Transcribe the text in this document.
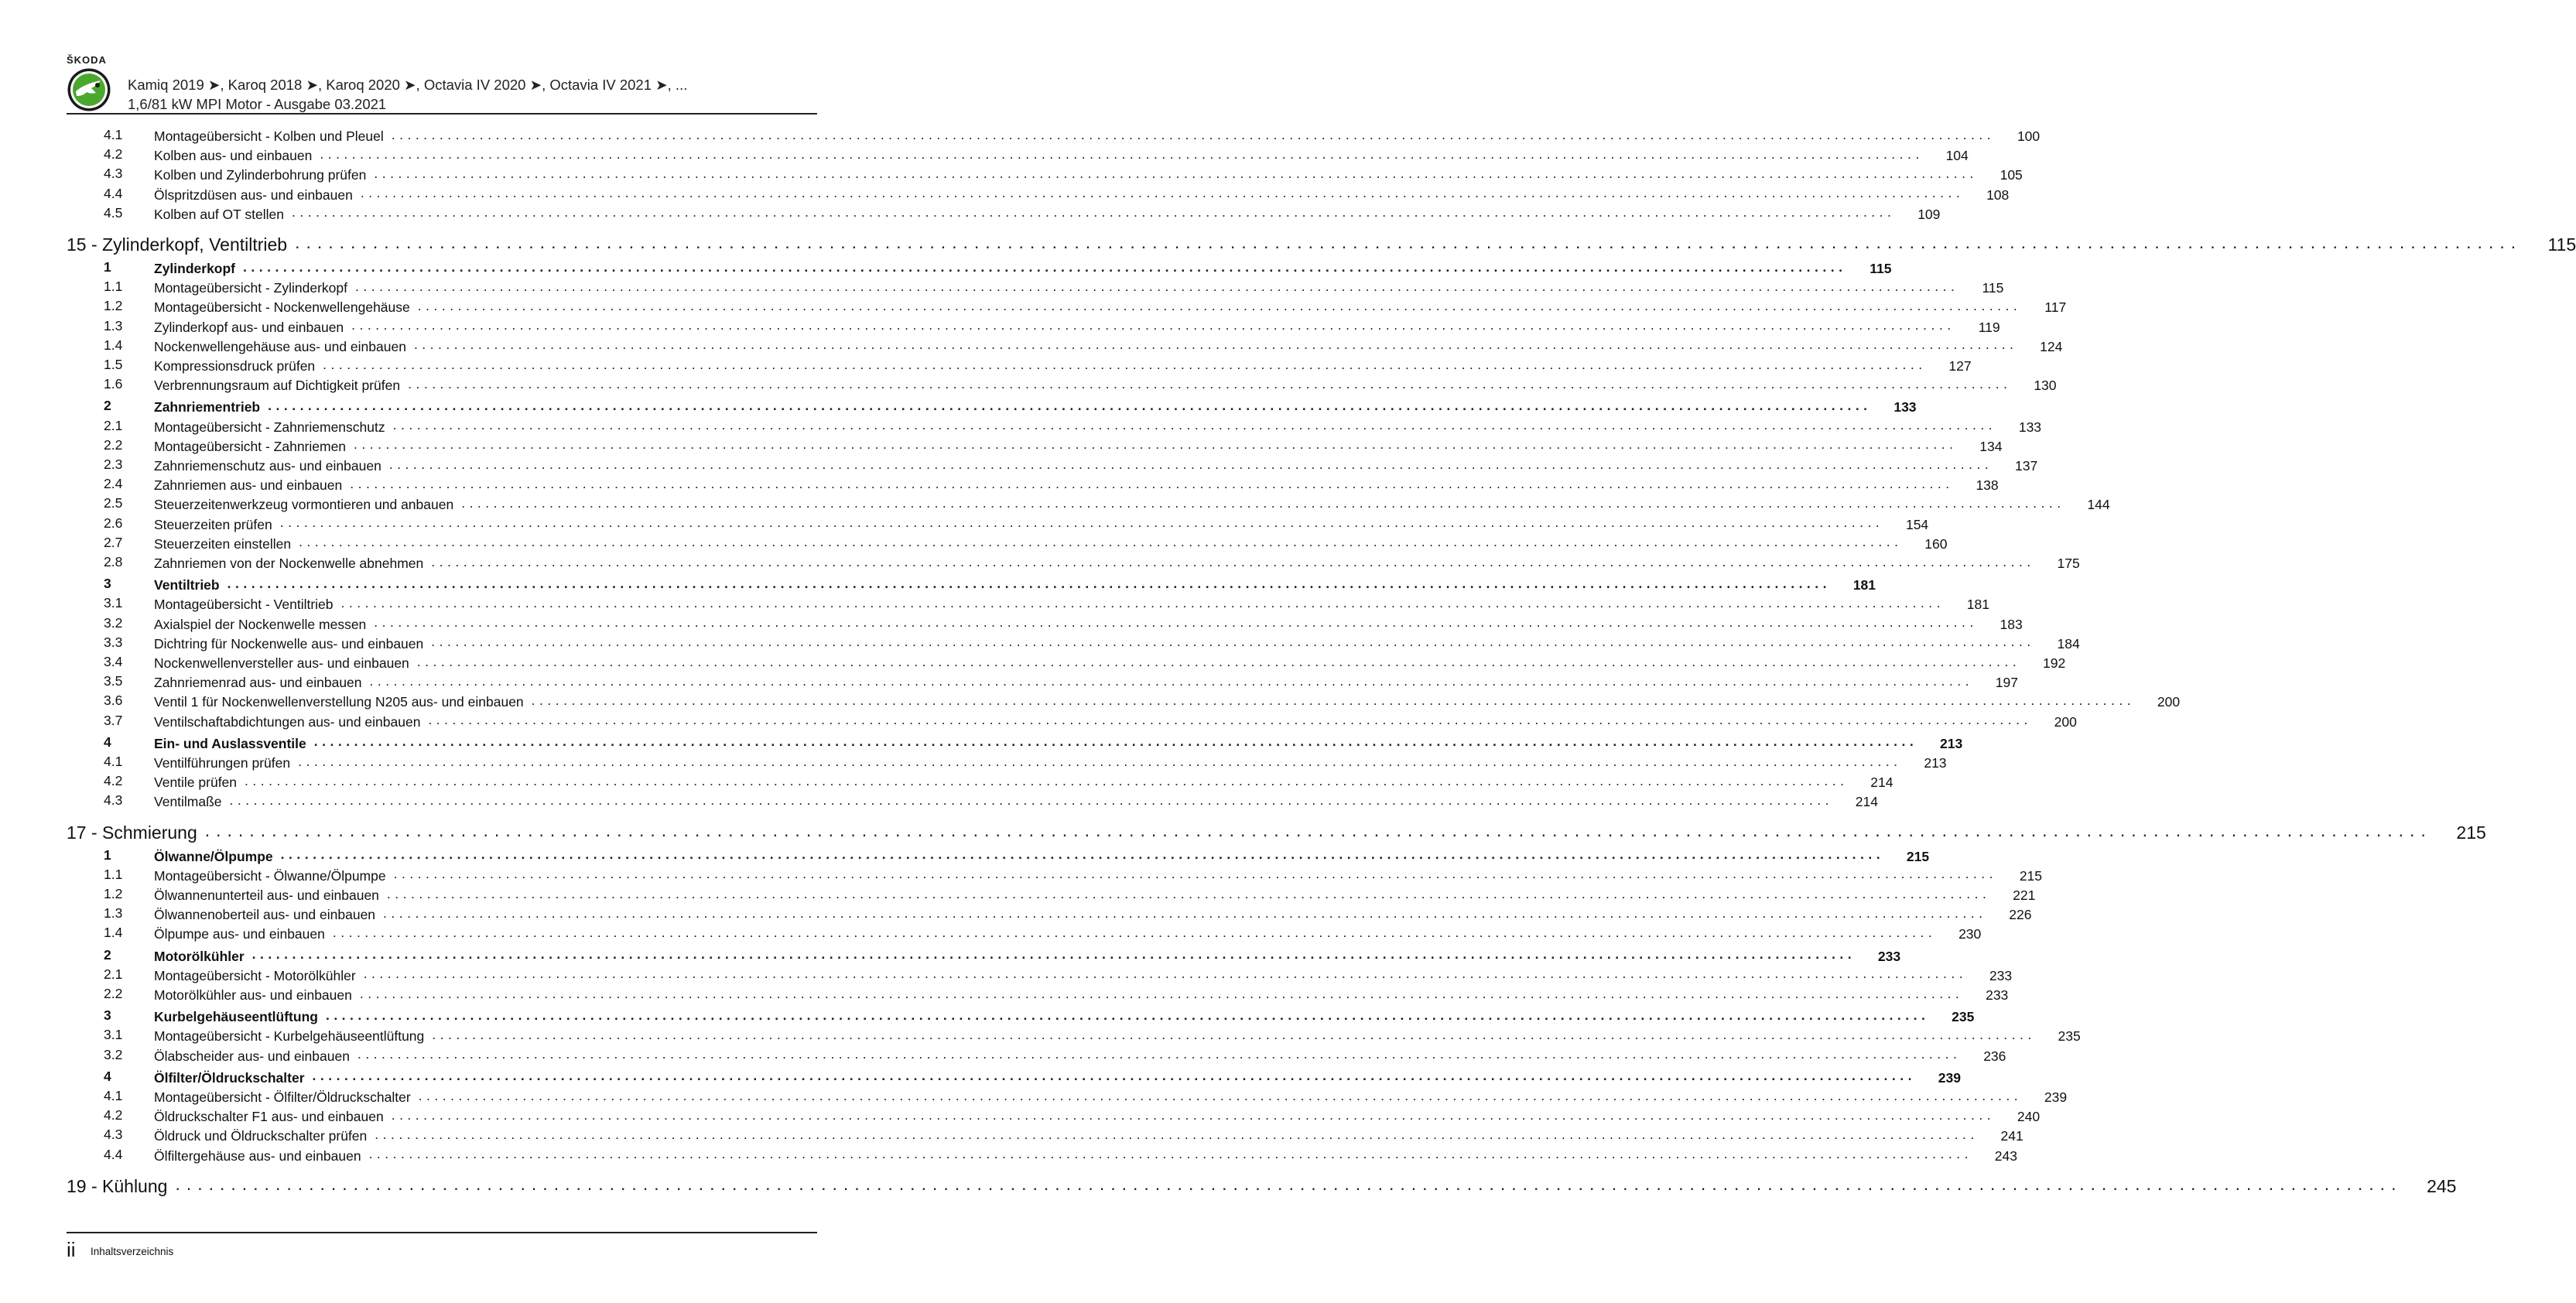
ŠKODA
Kamiq 2019 ➤, Karoq 2018 ➤, Karoq 2020 ➤, Octavia IV 2020 ➤, Octavia IV 2021 ➤, ...
1,6/81 kW MPI Motor - Ausgabe 03.2021
4.1 Montageübersicht - Kolben und Pleuel ........................................................................................................................................................................................................	100
4.2 Kolben aus- und einbauen ........................................................................................................................................................................................................	104
4.3 Kolben und Zylinderbohrung prüfen ........................................................................................................................................................................................................	105
4.4 Ölspritzdüsen aus- und einbauen ........................................................................................................................................................................................................	108
4.5 Kolben auf OT stellen ........................................................................................................................................................................................................	109
15 - Zylinderkopf, Ventiltrieb ........................................................................................................................................................................................................	115
1	Zylinderkopf ........................................................................................................................................................................................................	115
1.1 Montageübersicht - Zylinderkopf ........................................................................................................................................................................................................	115
1.2 Montageübersicht - Nockenwellengehäuse ........................................................................................................................................................................................................	117
1.3 Zylinderkopf aus- und einbauen ........................................................................................................................................................................................................	119
1.4 Nockenwellengehäuse aus- und einbauen ........................................................................................................................................................................................................	124
1.5 Kompressionsdruck prüfen ........................................................................................................................................................................................................	127
1.6 Verbrennungsraum auf Dichtigkeit prüfen ........................................................................................................................................................................................................	130
2	Zahnriementrieb ........................................................................................................................................................................................................	133
2.1 Montageübersicht - Zahnriemenschutz ........................................................................................................................................................................................................	133
2.2 Montageübersicht - Zahnriemen ........................................................................................................................................................................................................	134
2.3 Zahnriemenschutz aus- und einbauen ........................................................................................................................................................................................................	137
2.4 Zahnriemen aus- und einbauen ........................................................................................................................................................................................................	138
2.5 Steuerzeitenwerkzeug vormontieren und anbauen ........................................................................................................................................................................................................	144
2.6 Steuerzeiten prüfen ........................................................................................................................................................................................................	154
2.7 Steuerzeiten einstellen ........................................................................................................................................................................................................	160
2.8 Zahnriemen von der Nockenwelle abnehmen ........................................................................................................................................................................................................	175
3	Ventiltrieb ........................................................................................................................................................................................................	181
3.1 Montageübersicht - Ventiltrieb ........................................................................................................................................................................................................	181
3.2 Axialspiel der Nockenwelle messen ........................................................................................................................................................................................................	183
3.3 Dichtring für Nockenwelle aus- und einbauen ........................................................................................................................................................................................................	184
3.4 Nockenwellenversteller aus- und einbauen ........................................................................................................................................................................................................	192
3.5 Zahnriemenrad aus- und einbauen ........................................................................................................................................................................................................	197
3.6 Ventil 1 für Nockenwellenverstellung N205 aus- und einbauen ........................................................................................................................................................................................................	200
3.7 Ventilschaftabdichtungen aus- und einbauen ........................................................................................................................................................................................................	200
4	Ein- und Auslassventile ........................................................................................................................................................................................................	213
4.1 Ventilführungen prüfen ........................................................................................................................................................................................................	213
4.2 Ventile prüfen ........................................................................................................................................................................................................	214
4.3 Ventilmaße ........................................................................................................................................................................................................	214
17 - Schmierung ........................................................................................................................................................................................................	215
1	Ölwanne/Ölpumpe ........................................................................................................................................................................................................	215
1.1 Montageübersicht - Ölwanne/Ölpumpe ........................................................................................................................................................................................................	215
1.2 Ölwannenunterteil aus- und einbauen ........................................................................................................................................................................................................	221
1.3 Ölwannenoberteil aus- und einbauen ........................................................................................................................................................................................................	226
1.4 Ölpumpe aus- und einbauen ........................................................................................................................................................................................................	230
2	Motorölkühler ........................................................................................................................................................................................................	233
2.1 Montageübersicht - Motorölkühler ........................................................................................................................................................................................................	233
2.2 Motorölkühler aus- und einbauen ........................................................................................................................................................................................................	233
3	Kurbelgehäuseentlüftung ........................................................................................................................................................................................................	235
3.1 Montageübersicht - Kurbelgehäuseentlüftung ........................................................................................................................................................................................................	235
3.2 Ölabscheider aus- und einbauen ........................................................................................................................................................................................................	236
4	Ölfilter/Öldruckschalter ........................................................................................................................................................................................................	239
4.1 Montageübersicht - Ölfilter/Öldruckschalter ........................................................................................................................................................................................................	239
4.2 Öldruckschalter F1 aus- und einbauen ........................................................................................................................................................................................................	240
4.3 Öldruck und Öldruckschalter prüfen ........................................................................................................................................................................................................	241
4.4 Ölfiltergehäuse aus- und einbauen ........................................................................................................................................................................................................	243
19 - Kühlung ........................................................................................................................................................................................................	245
ii Inhaltsverzeichnis
